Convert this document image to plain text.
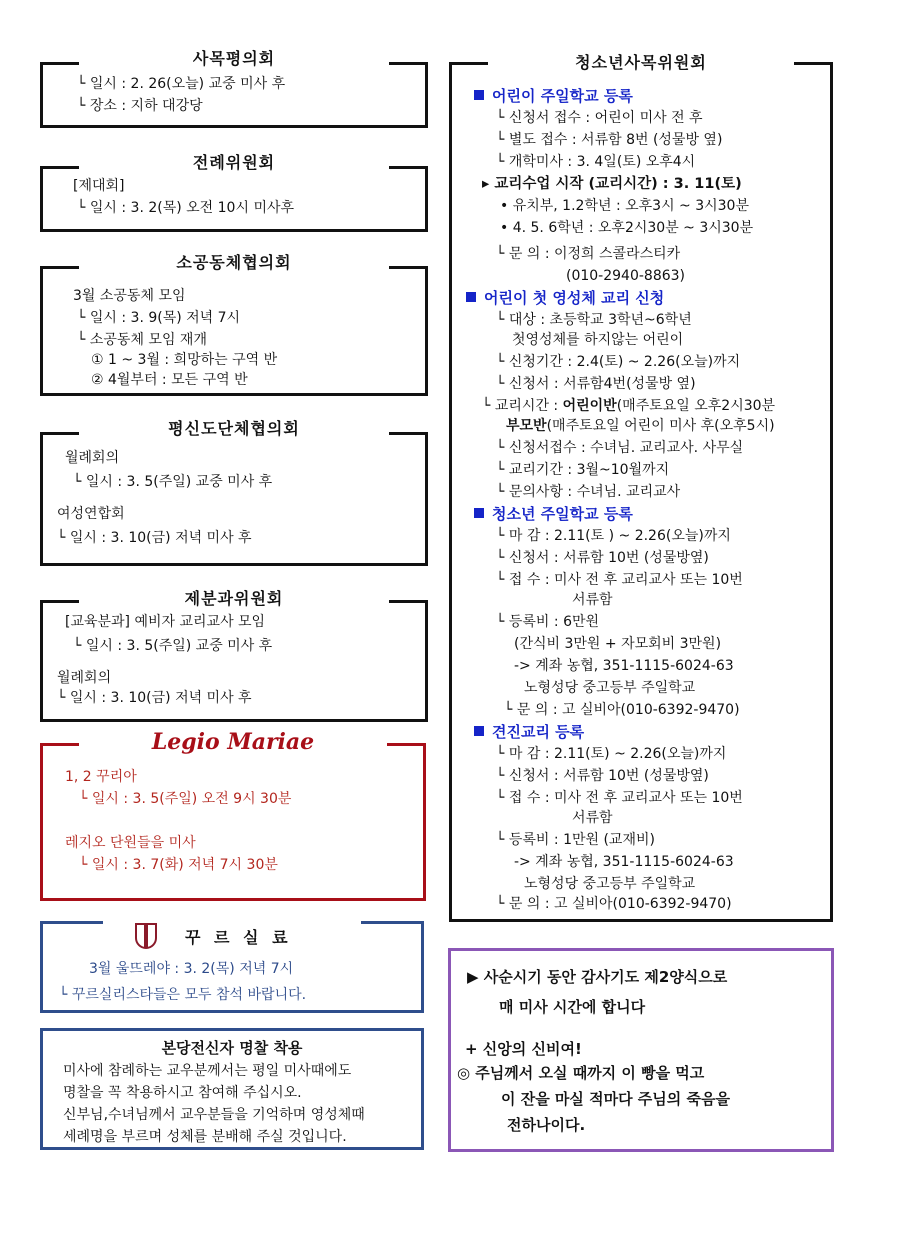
사목평의회
└ 일시 : 2. 26(오늘) 교중 미사 후
└ 장소 : 지하 대강당
전례위원회
[제대회]
└ 일시 : 3. 2(목) 오전 10시 미사후
소공동체협의회
3월 소공동체 모임
└ 일시 : 3. 9(목) 저녁 7시
└ 소공동체 모임 재개
① 1 ~ 3월 : 희망하는 구역 반
② 4월부터 : 모든 구역 반
평신도단체협의회
월례회의
└ 일시 : 3. 5(주일) 교중 미사 후
여성연합회
└ 일시 : 3. 10(금) 저녁 미사 후
제분과위원회
[교육분과] 예비자 교리교사 모임
└ 일시 : 3. 5(주일) 교중 미사 후
월례회의
└ 일시 : 3. 10(금) 저녁 미사 후
Legio Mariae
1, 2 꾸리아
└ 일시 : 3. 5(주일) 오전 9시 30분
레지오 단원들을 미사
└ 일시 : 3. 7(화) 저녁 7시 30분
꾸 르 실 료
3월 울뜨레야 : 3. 2(목) 저녁 7시
└ 꾸르실리스타들은 모두 참석 바랍니다.
본당전신자 명찰 착용
미사에 참례하는 교우분께서는 평일 미사때에도
명찰을 꼭 착용하시고 참여해 주십시오.
신부님,수녀님께서 교우분들을 기억하며 영성체때
세례명을 부르며 성체를 분배해 주실 것입니다.
청소년사목위원회
어린이 주일학교 등록
└ 신청서 접수 : 어린이 미사 전 후
└ 별도 접수 : 서류함 8번 (성물방 옆)
└ 개학미사 : 3. 4일(토) 오후4시
▸ 교리수업 시작 (교리시간) : 3. 11(토)
• 유치부, 1.2학년 : 오후3시 ~ 3시30분
• 4. 5. 6학년 : 오후2시30분 ~ 3시30분
└ 문 의 : 이정희 스콜라스티카
(010-2940-8863)
어린이 첫 영성체 교리 신청
└ 대상 : 초등학교 3학년~6학년
첫영성체를 하지않는 어린이
└ 신청기간 : 2.4(토) ~ 2.26(오늘)까지
└ 신청서 : 서류함4번(성물방 옆)
└ 교리시간 : 어린이반(매주토요일 오후2시30분
부모반(매주토요일 어린이 미사 후(오후5시)
└ 신청서접수 : 수녀님. 교리교사. 사무실
└ 교리기간 : 3월~10월까지
└ 문의사항 : 수녀님. 교리교사
청소년 주일학교 등록
└ 마 감 : 2.11(토 ) ~ 2.26(오늘)까지
└ 신청서 : 서류함 10번 (성물방옆)
└ 접 수 : 미사 전 후 교리교사 또는 10번
서류함
└ 등록비 : 6만원
(간식비 3만원 + 자모회비 3만원)
-> 계좌 농협, 351-1115-6024-63
노형성당 중고등부 주일학교
└ 문 의 : 고 실비아(010-6392-9470)
견진교리 등록
└ 마 감 : 2.11(토) ~ 2.26(오늘)까지
└ 신청서 : 서류함 10번 (성물방옆)
└ 접 수 : 미사 전 후 교리교사 또는 10번
서류함
└ 등록비 : 1만원 (교재비)
-> 계좌 농협, 351-1115-6024-63
노형성당 중고등부 주일학교
└ 문 의 : 고 실비아(010-6392-9470)
▶ 사순시기 동안 감사기도 제2양식으로
매 미사 시간에 합니다
+ 신앙의 신비여!
◎ 주님께서 오실 때까지 이 빵을 먹고
이 잔을 마실 적마다 주님의 죽음을
전하나이다.
